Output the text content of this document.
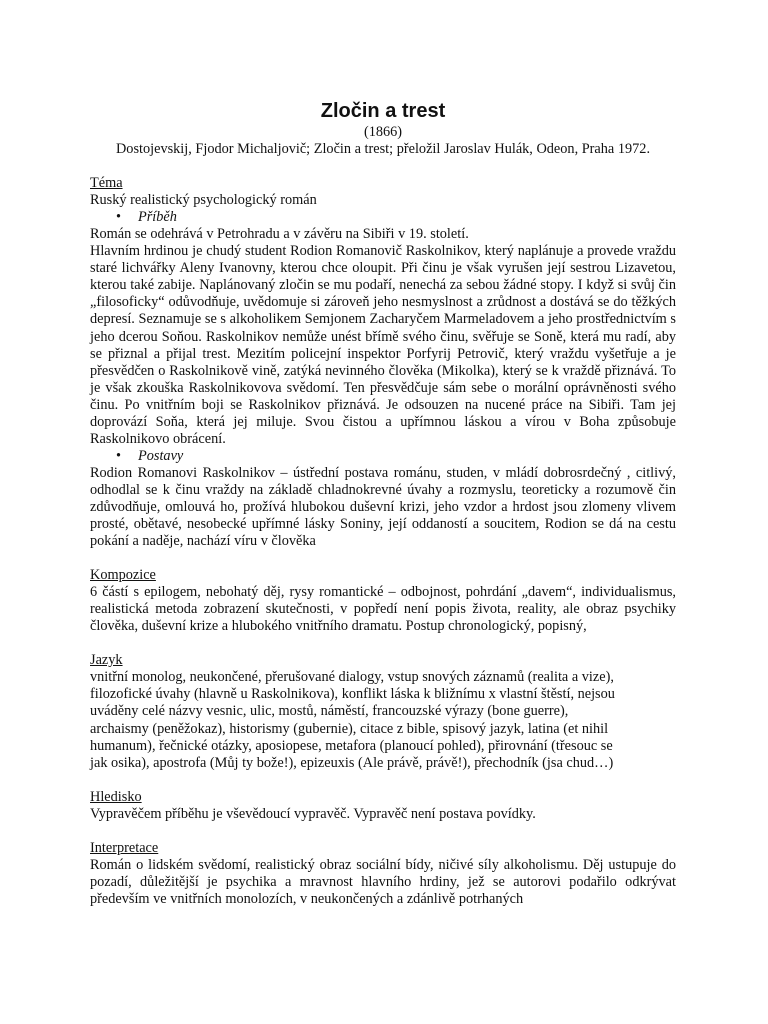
Zločin a trest
(1866)
Dostojevskij, Fjodor Michaljovič; Zločin a trest; přeložil Jaroslav Hulák, Odeon, Praha 1972.
Téma
Ruský realistický psychologický román
• Příběh
Román se odehrává v Petrohradu a v závěru na Sibiři v 19. století.

Hlavním hrdinou je chudý student Rodion Romanovič Raskolnikov, který naplánuje a provede vraždu staré lichvářky Aleny Ivanovny, kterou chce oloupit. Při činu je však vyrušen její sestrou Lizavetou, kterou také zabije. Naplánovaný zločin se mu podaří, nenechá za sebou žádné stopy. I když si svůj čin „filosoficky“ odůvodňuje, uvědomuje si zároveň jeho nesmyslnost a zrůdnost a dostává se do těžkých depresí. Seznamuje se s alkoholikem Semjonem Zacharyčem Marmeladovem a jeho prostřednictvím s jeho dcerou Soňou. Raskolnikov nemůže unést břímě svého činu, svěřuje se Soně, která mu radí, aby se přiznal a přijal trest. Mezitím policejní inspektor Porfyrij Petrovič, který vraždu vyšetřuje a je přesvědčen o Raskolnikově vině, zatýká nevinného člověka (Mikolka), který se k vraždě přiznává. To je však zkouška Raskolnikovova svědomí. Ten přesvědčuje sám sebe o morální oprávněnosti svého činu. Po vnitřním boji se Raskolnikov přiznává. Je odsouzen na nucené práce na Sibiři. Tam jej doprovází Soňa, která jej miluje. Svou čistou a upřímnou láskou a vírou v Boha způsobuje Raskolnikovo obrácení.

• Postavy

Rodion Romanovi Raskolnikov – ústřední postava románu, studen, v mládí dobrosrdečný , citlivý, odhodlal se k činu vraždy na základě chladnokrevné úvahy a rozmyslu, teoreticky a rozumově čin zdůvodňuje, omlouvá ho, prožívá hlubokou duševní krizi, jeho vzdor a hrdost jsou zlomeny vlivem prosté, obětavé, nesobecké upřímné lásky Soniny, její oddaností a soucitem, Rodion se dá na cestu pokání a naděje, nachází víru v člověka

Kompozice

6 částí s epilogem, nebohatý děj, rysy romantické – odbojnost, pohrdání „davem“, individualismus, realistická metoda zobrazení skutečnosti, v popředí není popis života, reality, ale obraz psychiky člověka, duševní krize a hlubokého vnitřního dramatu. Postup chronologický, popisný,

Jazyk
vnitřní monolog, neukončené, přerušované dialogy, vstup snových záznamů (realita a vize),
filozofické úvahy (hlavně u Raskolnikova), konflikt láska k bližnímu x vlastní štěstí, nejsou
uváděny celé názvy vesnic, ulic, mostů, náměstí, francouzské výrazy (bone guerre),
archaismy (peněžokaz), historismy (gubernie), citace z bible, spisový jazyk, latina (et nihil
humanum), řečnické otázky, aposiopese, metafora (planoucí pohled), přirovnání (třesouc se
jak osika), apostrofa (Můj ty bože!), epizeuxis (Ale právě, právě!), přechodník (jsa chud…)
Hledisko
Vypravěčem příběhu je vševědoucí vypravěč. Vypravěč není postava povídky.
Interpretace

Román o lidském svědomí, realistický obraz sociální bídy, ničivé síly alkoholismu. Děj ustupuje do pozadí, důležitější je psychika a mravnost hlavního hrdiny, jež se autorovi podařilo odkrývat především ve vnitřních monolozích, v neukončených a zdánlivě potrhaných
